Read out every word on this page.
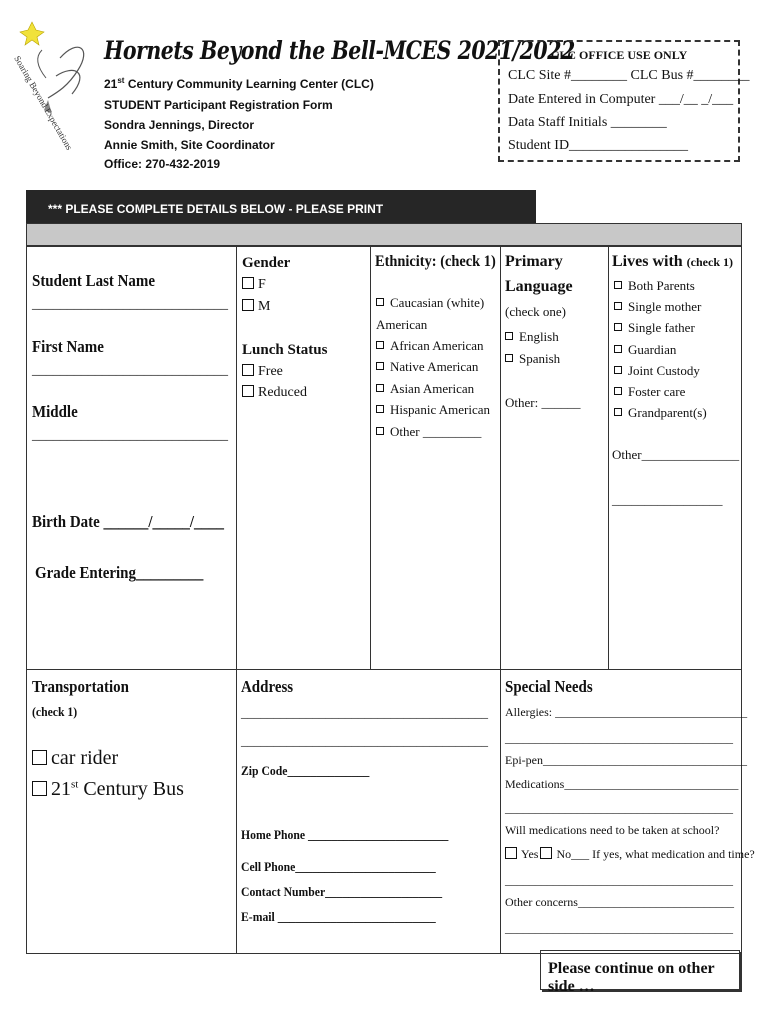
Soaring Beyond Expectations
Hornets Beyond the Bell-MCES 2021/2022
21st Century Community Learning Center (CLC)
STUDENT Participant Registration Form
Sondra Jennings, Director
Annie Smith, Site Coordinator
Office: 270-432-2019
CLC OFFICE USE ONLY
CLC Site #________ CLC Bus #________
Date Entered in Computer ___/__ _/___
Data Staff Initials ________
Student ID_________________
*** PLEASE COMPLETE DETAILS BELOW - PLEASE PRINT
Student Last Name
____________________________
First Name
____________________________
Middle
____________________________
Birth Date ______/_____/____
Grade Entering_________
Gender
F
M
Lunch Status
Free
Reduced
Ethnicity: (check 1)
Caucasian (white)
American
African American
Native American
Asian American
Hispanic American
Other _________
Primary
Language
(check one)
English
Spanish
Other: ______
Lives with (check 1)
Both Parents
Single mother
Single father
Guardian
Joint Custody
Foster care
Grandparent(s)
Other_______________
_________________
Transportation
(check 1)
car rider
21st Century Bus
Address
______________________________________
______________________________________
Zip Code______________
Home Phone ________________________
Cell Phone________________________
Contact Number____________________
E-mail ___________________________
Special Needs
Allergies: ________________________________
______________________________________
Epi-pen__________________________________
Medications_____________________________
______________________________________
Will medications need to be taken at school?
Yes No___ If yes, what medication and time?
______________________________________
Other concerns__________________________
______________________________________
Please continue on other side …
